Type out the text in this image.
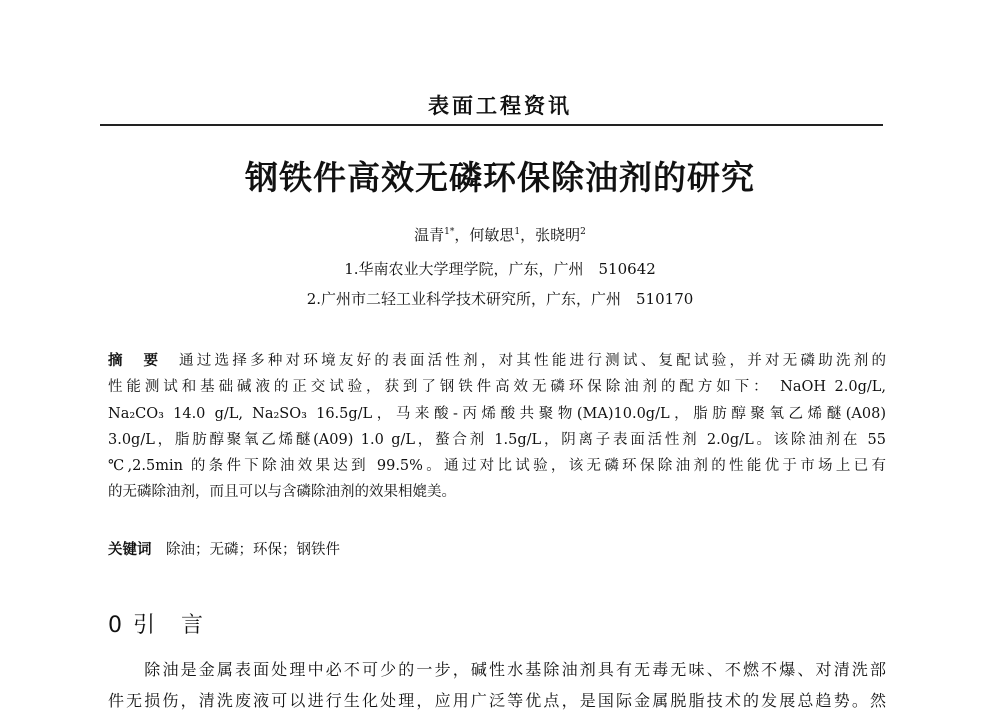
表面工程资讯
钢铁件高效无磷环保除油剂的研究
温青$^{1*}$，何敏思$^1$，张晓明$^2$
1.华南农业大学理学院，广东，广州　510642
2.广州市二轻工业科学技术研究所，广东，广州　510170
摘　要　 通过选择多种对环境友好的表面活性剂，对其性能进行测试、复配试验，并对无磷助洗剂的
性能测试和基础碱液的正交试验，获到了钢铁件高效无磷环保除油剂的配方如下： NaOH 2.0g/L,
Na₂CO₃ 14.0 g/L, Na₂SO₃ 16.5g/L，马来酸-丙烯酸共聚物(MA)10.0g/L，脂肪醇聚氧乙烯醚(A08)
3.0g/L，脂肪醇聚氧乙烯醚(A09) 1.0 g/L，螯合剂 1.5g/L，阴离子表面活性剂 2.0g/L。该除油剂在 55
℃,2.5min 的条件下除油效果达到 99.5%。通过对比试验，该无磷环保除油剂的性能优于市场上已有
的无磷除油剂，而且可以与含磷除油剂的效果相媲美。
关键词　 除油；无磷；环保；钢铁件
0 引　言
　　除油是金属表面处理中必不可少的一步，碱性水基除油剂具有无毒无味、不燃不爆、对清洗部
件无损伤，清洗废液可以进行生化处理，应用广泛等优点，是国际金属脱脂技术的发展总趋势。然
